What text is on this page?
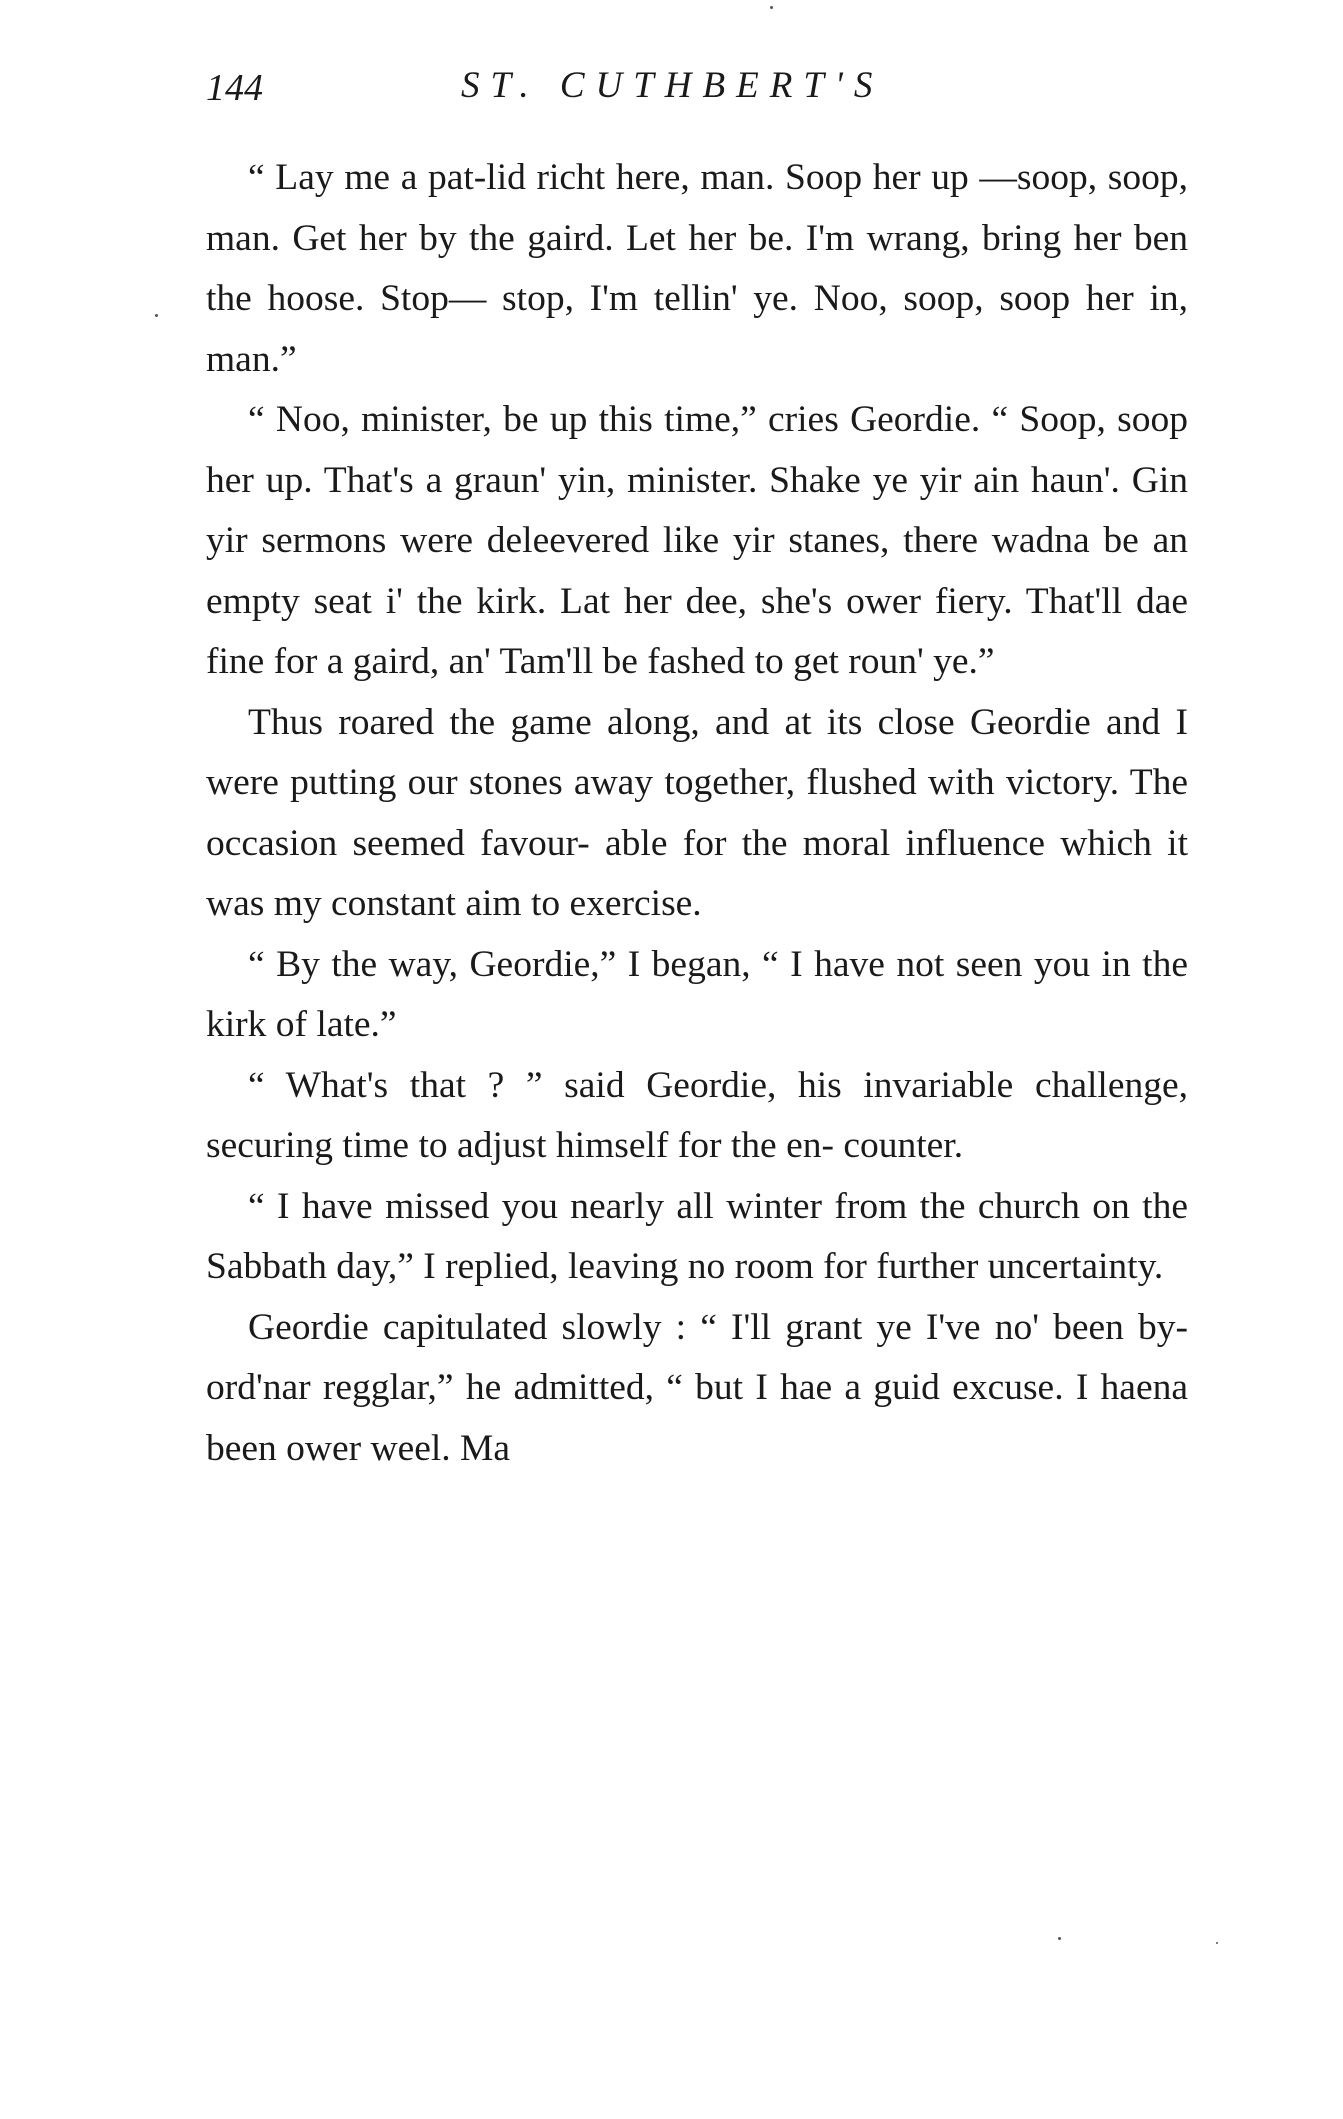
144	ST. CUTHBERT'S

“ Lay me a pat-lid richt here, man. Soop her up —soop, soop, man. Get her by the gaird. Let her be. I'm wrang, bring her ben the hoose. Stop— stop, I'm tellin' ye. Noo, soop, soop her in, man.”

“ Noo, minister, be up this time,” cries Geordie. “ Soop, soop her up. That's a graun' yin, minister. Shake ye yir ain haun'. Gin yir sermons were deleevered like yir stanes, there wadna be an empty seat i' the kirk. Lat her dee, she's ower fiery. That'll dae fine for a gaird, an' Tam'll be fashed to get roun' ye.”

Thus roared the game along, and at its close Geordie and I were putting our stones away together, flushed with victory. The occasion seemed favour- able for the moral influence which it was my constant aim to exercise.

“ By the way, Geordie,” I began, “ I have not seen you in the kirk of late.”

“ What's that ? ” said Geordie, his invariable challenge, securing time to adjust himself for the en- counter.

“ I have missed you nearly all winter from the church on the Sabbath day,” I replied, leaving no room for further uncertainty.

Geordie capitulated slowly : “ I'll grant ye I've no' been by-ord'nar regglar,” he admitted, “ but I hae a guid excuse. I haena been ower weel. Ma
